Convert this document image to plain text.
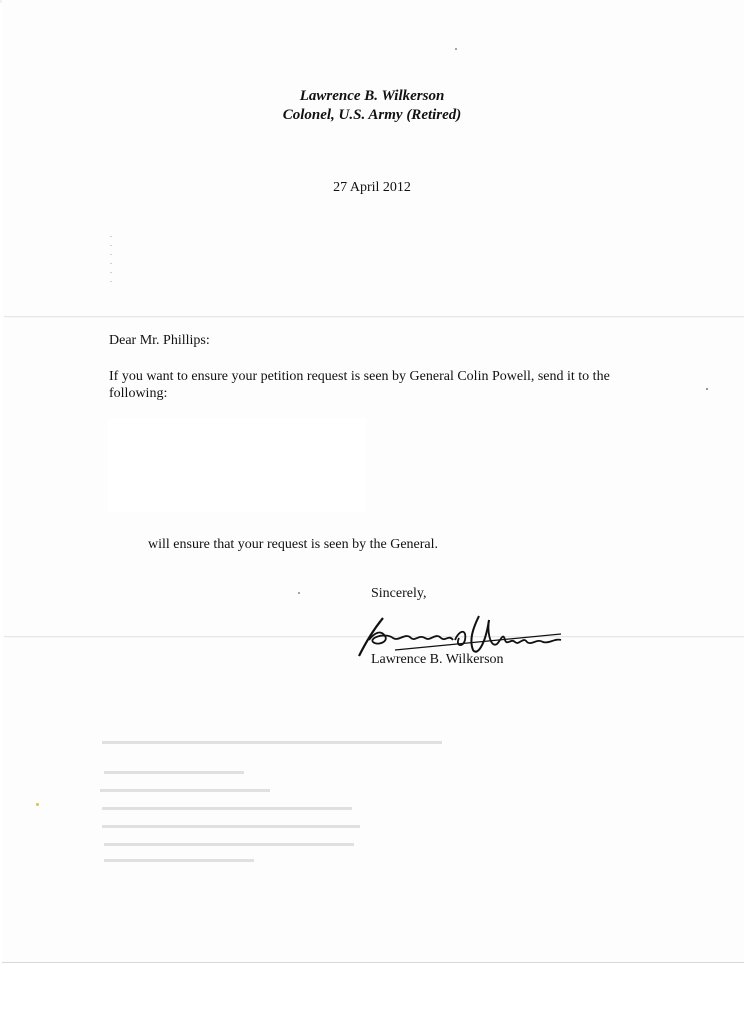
Lawrence B. Wilkerson
Colonel, U.S. Army (Retired)
27 April 2012
Dear Mr. Phillips:
If you want to ensure your petition request is seen by General Colin Powell, send it to the
following:
will ensure that your request is seen by the General.
Sincerely,
Lawrence B. Wilkerson
